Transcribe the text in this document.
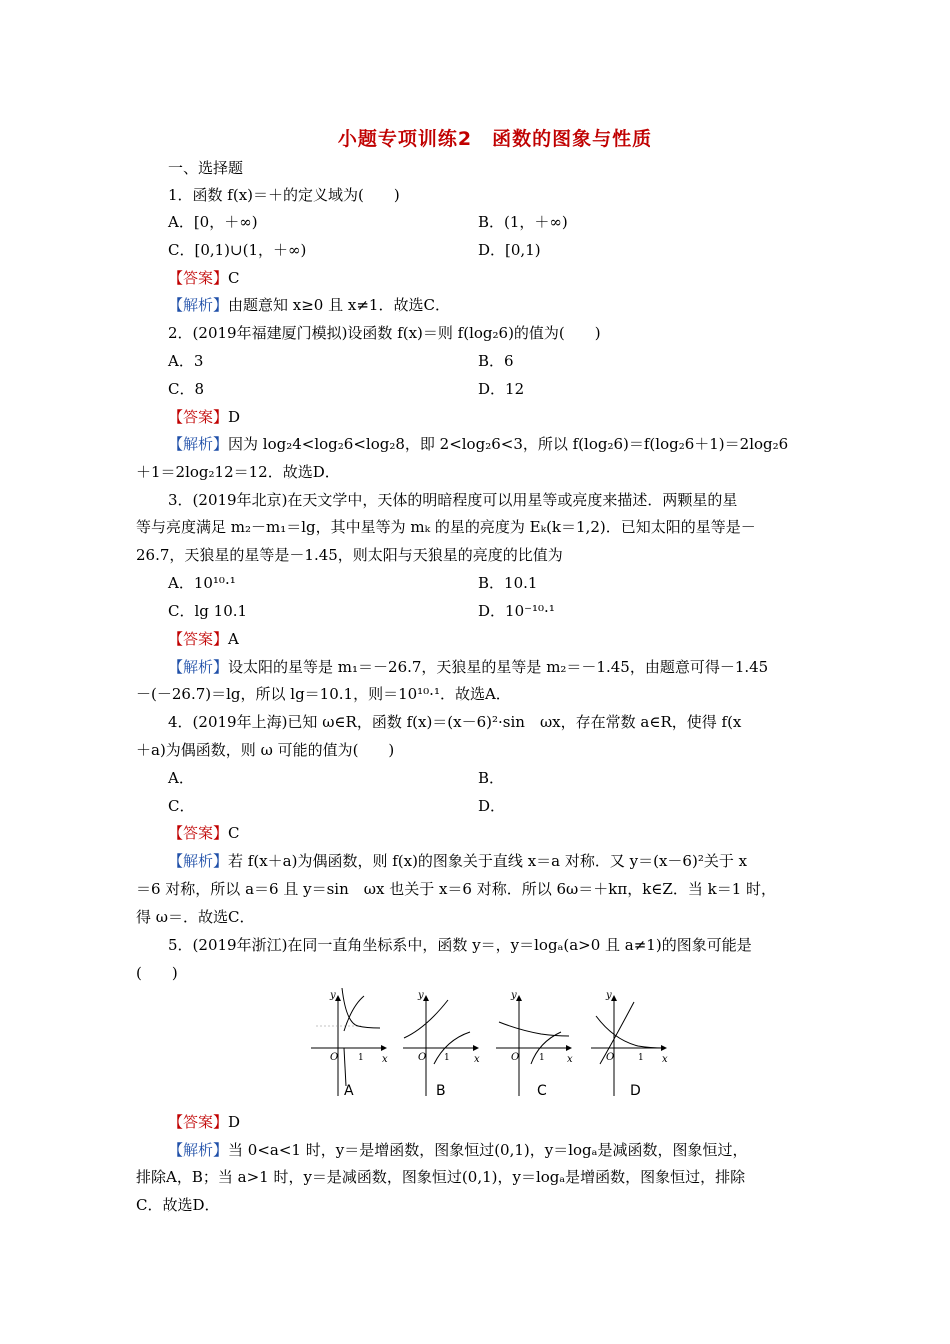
小题专项训练2　函数的图象与性质
一、选择题
1．函数 f(x)＝＋的定义域为(　　)
A．[0，＋∞)	B．(1，＋∞)
C．[0,1)∪(1，＋∞)	D．[0,1)
【答案】C
【解析】由题意知 x≥0 且 x≠1．故选C．
2．(2019年福建厦门模拟)设函数 f(x)＝则 f(log₂6)的值为(　　)
A．3	B．6
C．8	D．12
【答案】D
【解析】因为 log₂4<log₂6<log₂8，即 2<log₂6<3，所以 f(log₂6)＝f(log₂6＋1)＝2log₂6
＋1＝2log₂12＝12．故选D．
3．(2019年北京)在天文学中，天体的明暗程度可以用星等或亮度来描述．两颗星的星
等与亮度满足 m₂－m₁＝lg，其中星等为 mₖ 的星的亮度为 Eₖ(k＝1,2)．已知太阳的星等是－
26.7，天狼星的星等是－1.45，则太阳与天狼星的亮度的比值为
A．10¹⁰·¹	B．10.1
C．lg 10.1	D．10⁻¹⁰·¹
【答案】A
【解析】设太阳的星等是 m₁＝－26.7，天狼星的星等是 m₂＝－1.45，由题意可得－1.45
－(－26.7)＝lg，所以 lg＝10.1，则＝10¹⁰·¹．故选A．
4．(2019年上海)已知 ω∈R，函数 f(x)＝(x－6)²·sin　ωx，存在常数 a∈R，使得 f(x
＋a)为偶函数，则 ω 可能的值为(　　)
A．	B．
C．	D．
【答案】C
【解析】若 f(x＋a)为偶函数，则 f(x)的图象关于直线 x＝a 对称．又 y＝(x－6)²关于 x
＝6 对称，所以 a＝6 且 y＝sin　ωx 也关于 x＝6 对称．所以 6ω＝＋kπ，k∈Z．当 k＝1 时，
得 ω＝．故选C．
5．(2019年浙江)在同一直角坐标系中，函数 y＝，y＝logₐ(a>0 且 a≠1)的图象可能是
(　　)
y
x
O 1
y
x
O 1
y
x
O 1
y
x
O	1
A	B	C	D
【答案】D
【解析】当 0<a<1 时，y＝是增函数，图象恒过(0,1)，y＝logₐ是减函数，图象恒过，
排除A，B；当 a>1 时，y＝是减函数，图象恒过(0,1)，y＝logₐ是增函数，图象恒过，排除
C．故选D．
